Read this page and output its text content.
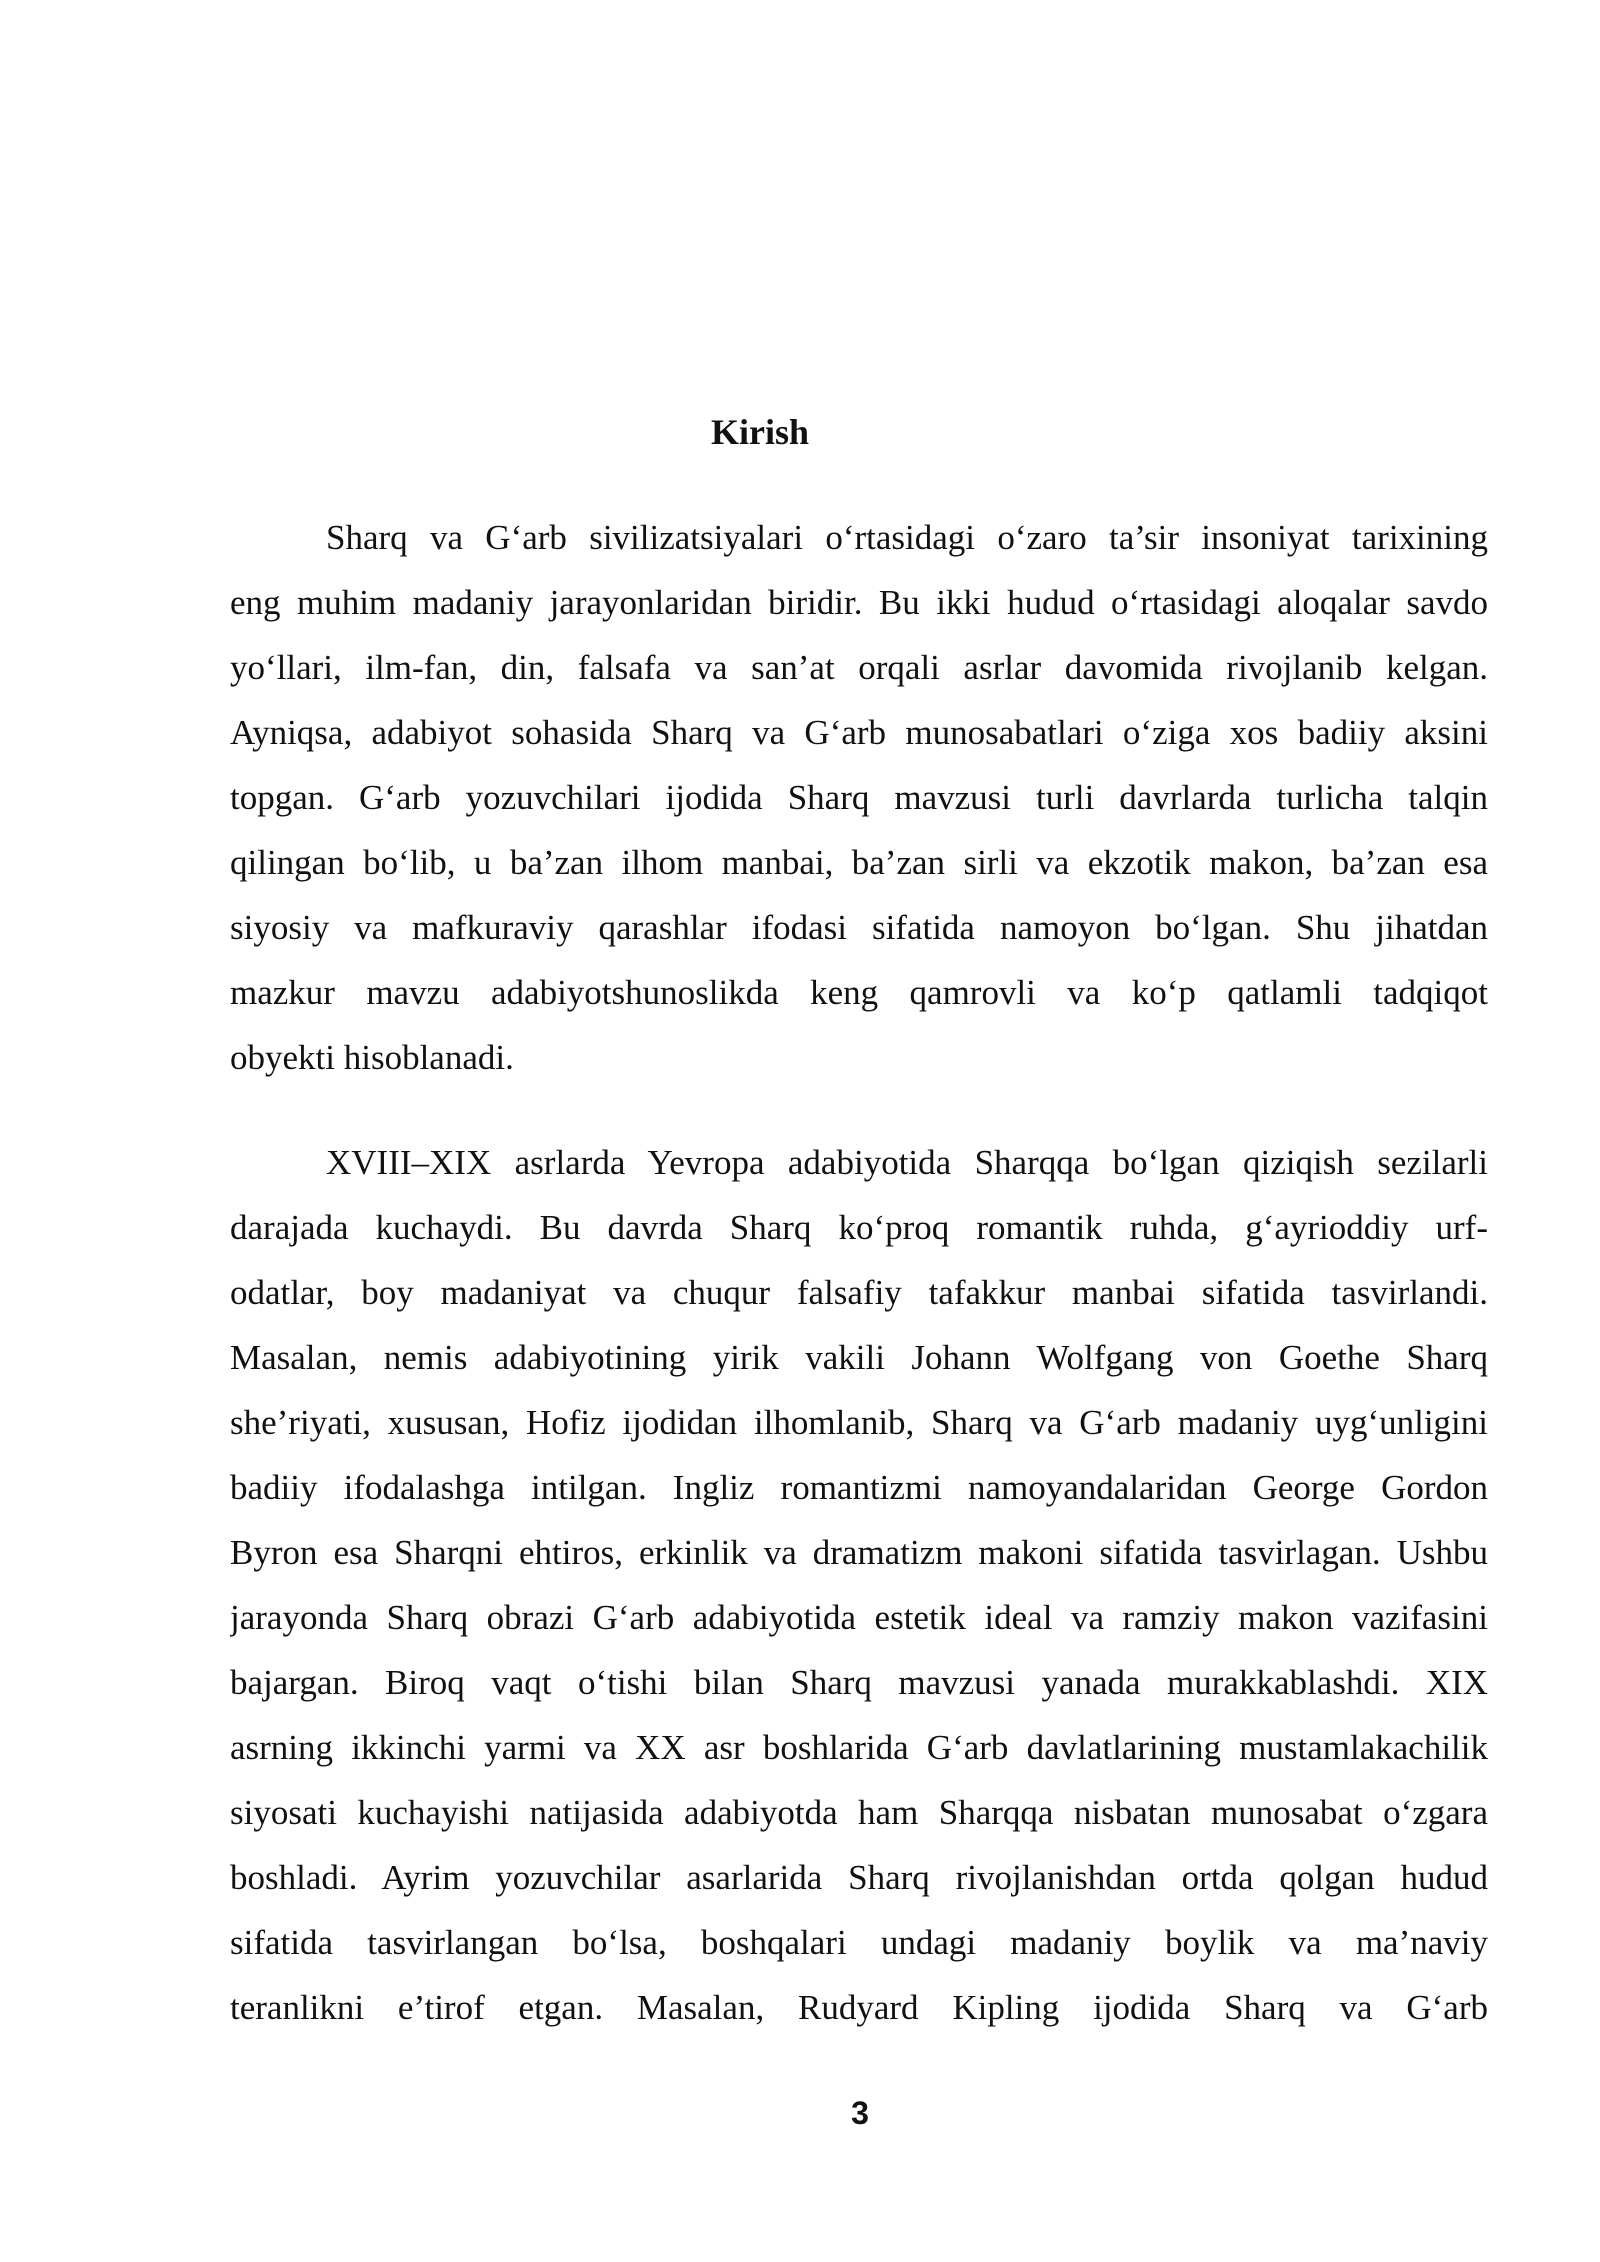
Kirish
Sharq va G‘arb sivilizatsiyalari o‘rtasidagi o‘zaro ta’sir insoniyat tarixining
eng muhim madaniy jarayonlaridan biridir. Bu ikki hudud o‘rtasidagi aloqalar savdo
yo‘llari, ilm-fan, din, falsafa va san’at orqali asrlar davomida rivojlanib kelgan.
Ayniqsa, adabiyot sohasida Sharq va G‘arb munosabatlari o‘ziga xos badiiy aksini
topgan. G‘arb yozuvchilari ijodida Sharq mavzusi turli davrlarda turlicha talqin
qilingan bo‘lib, u ba’zan ilhom manbai, ba’zan sirli va ekzotik makon, ba’zan esa
siyosiy va mafkuraviy qarashlar ifodasi sifatida namoyon bo‘lgan. Shu jihatdan
mazkur mavzu adabiyotshunoslikda keng qamrovli va ko‘p qatlamli tadqiqot
obyekti hisoblanadi.
XVIII–XIX asrlarda Yevropa adabiyotida Sharqqa bo‘lgan qiziqish sezilarli
darajada kuchaydi. Bu davrda Sharq ko‘proq romantik ruhda, g‘ayrioddiy urf-
odatlar, boy madaniyat va chuqur falsafiy tafakkur manbai sifatida tasvirlandi.
Masalan, nemis adabiyotining yirik vakili Johann Wolfgang von Goethe Sharq
she’riyati, xususan, Hofiz ijodidan ilhomlanib, Sharq va G‘arb madaniy uyg‘unligini
badiiy ifodalashga intilgan. Ingliz romantizmi namoyandalaridan George Gordon
Byron esa Sharqni ehtiros, erkinlik va dramatizm makoni sifatida tasvirlagan. Ushbu
jarayonda Sharq obrazi G‘arb adabiyotida estetik ideal va ramziy makon vazifasini
bajargan. Biroq vaqt o‘tishi bilan Sharq mavzusi yanada murakkablashdi. XIX
asrning ikkinchi yarmi va XX asr boshlarida G‘arb davlatlarining mustamlakachilik
siyosati kuchayishi natijasida adabiyotda ham Sharqqa nisbatan munosabat o‘zgara
boshladi. Ayrim yozuvchilar asarlarida Sharq rivojlanishdan ortda qolgan hudud
sifatida tasvirlangan bo‘lsa, boshqalari undagi madaniy boylik va ma’naviy
teranlikni e’tirof etgan. Masalan, Rudyard Kipling ijodida Sharq va G‘arb

3
